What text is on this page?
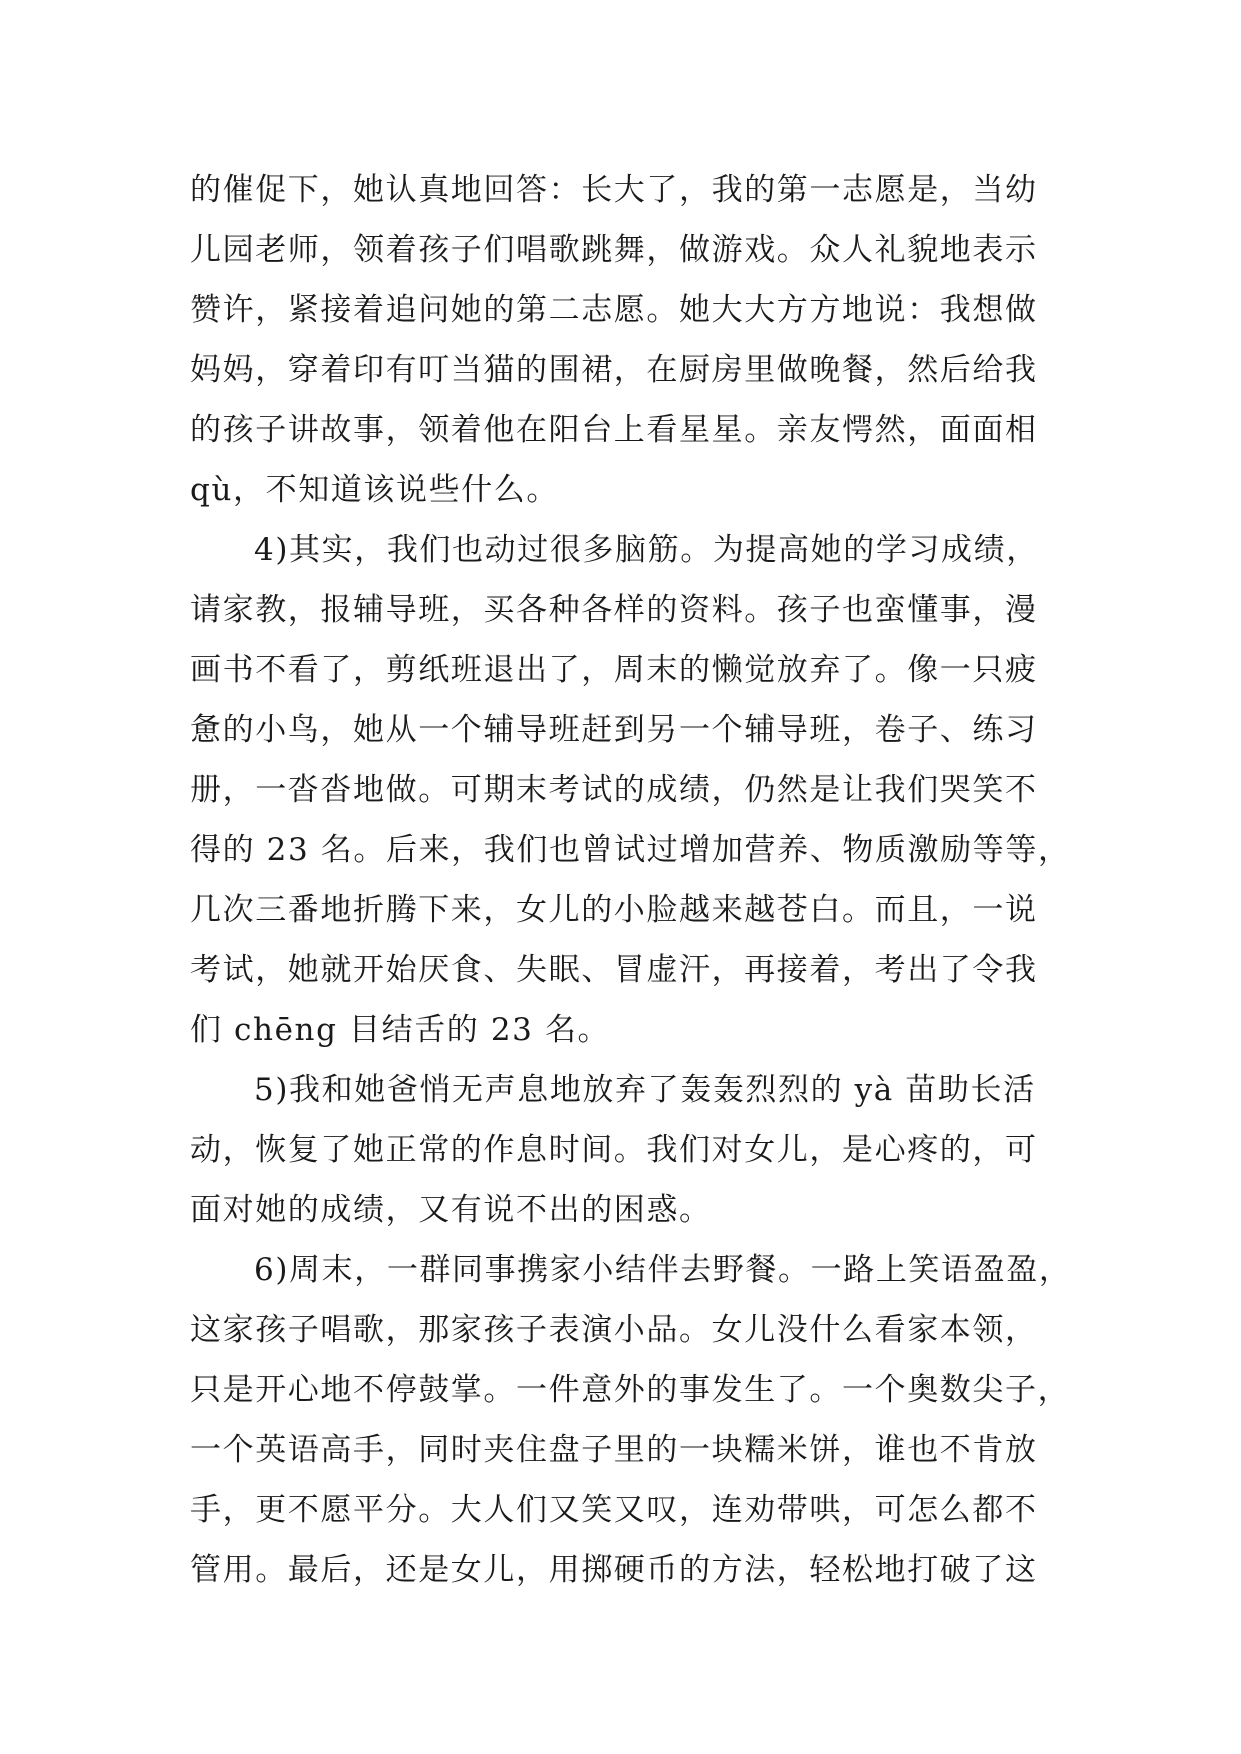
的催促下，她认真地回答：长大了，我的第一志愿是，当幼
儿园老师，领着孩子们唱歌跳舞，做游戏。众人礼貌地表示
赞许，紧接着追问她的第二志愿。她大大方方地说：我想做
妈妈，穿着印有叮当猫的围裙，在厨房里做晚餐，然后给我
的孩子讲故事，领着他在阳台上看星星。亲友愕然，面面相
qù，不知道该说些什么。
4)其实，我们也动过很多脑筋。为提高她的学习成绩，
请家教，报辅导班，买各种各样的资料。孩子也蛮懂事，漫
画书不看了，剪纸班退出了，周末的懒觉放弃了。像一只疲
惫的小鸟，她从一个辅导班赶到另一个辅导班，卷子、练习
册，一沓沓地做。可期末考试的成绩，仍然是让我们哭笑不
得的 23 名。后来，我们也曾试过增加营养、物质激励等等，
几次三番地折腾下来，女儿的小脸越来越苍白。而且，一说
考试，她就开始厌食、失眠、冒虚汗，再接着，考出了令我
们 chēng 目结舌的 23 名。
5)我和她爸悄无声息地放弃了轰轰烈烈的 yà 苗助长活
动，恢复了她正常的作息时间。我们对女儿，是心疼的，可
面对她的成绩，又有说不出的困惑。
6)周末，一群同事携家小结伴去野餐。一路上笑语盈盈，
这家孩子唱歌，那家孩子表演小品。女儿没什么看家本领，
只是开心地不停鼓掌。一件意外的事发生了。一个奥数尖子，
一个英语高手，同时夹住盘子里的一块糯米饼，谁也不肯放
手，更不愿平分。大人们又笑又叹，连劝带哄，可怎么都不
管用。最后，还是女儿，用掷硬币的方法，轻松地打破了这
